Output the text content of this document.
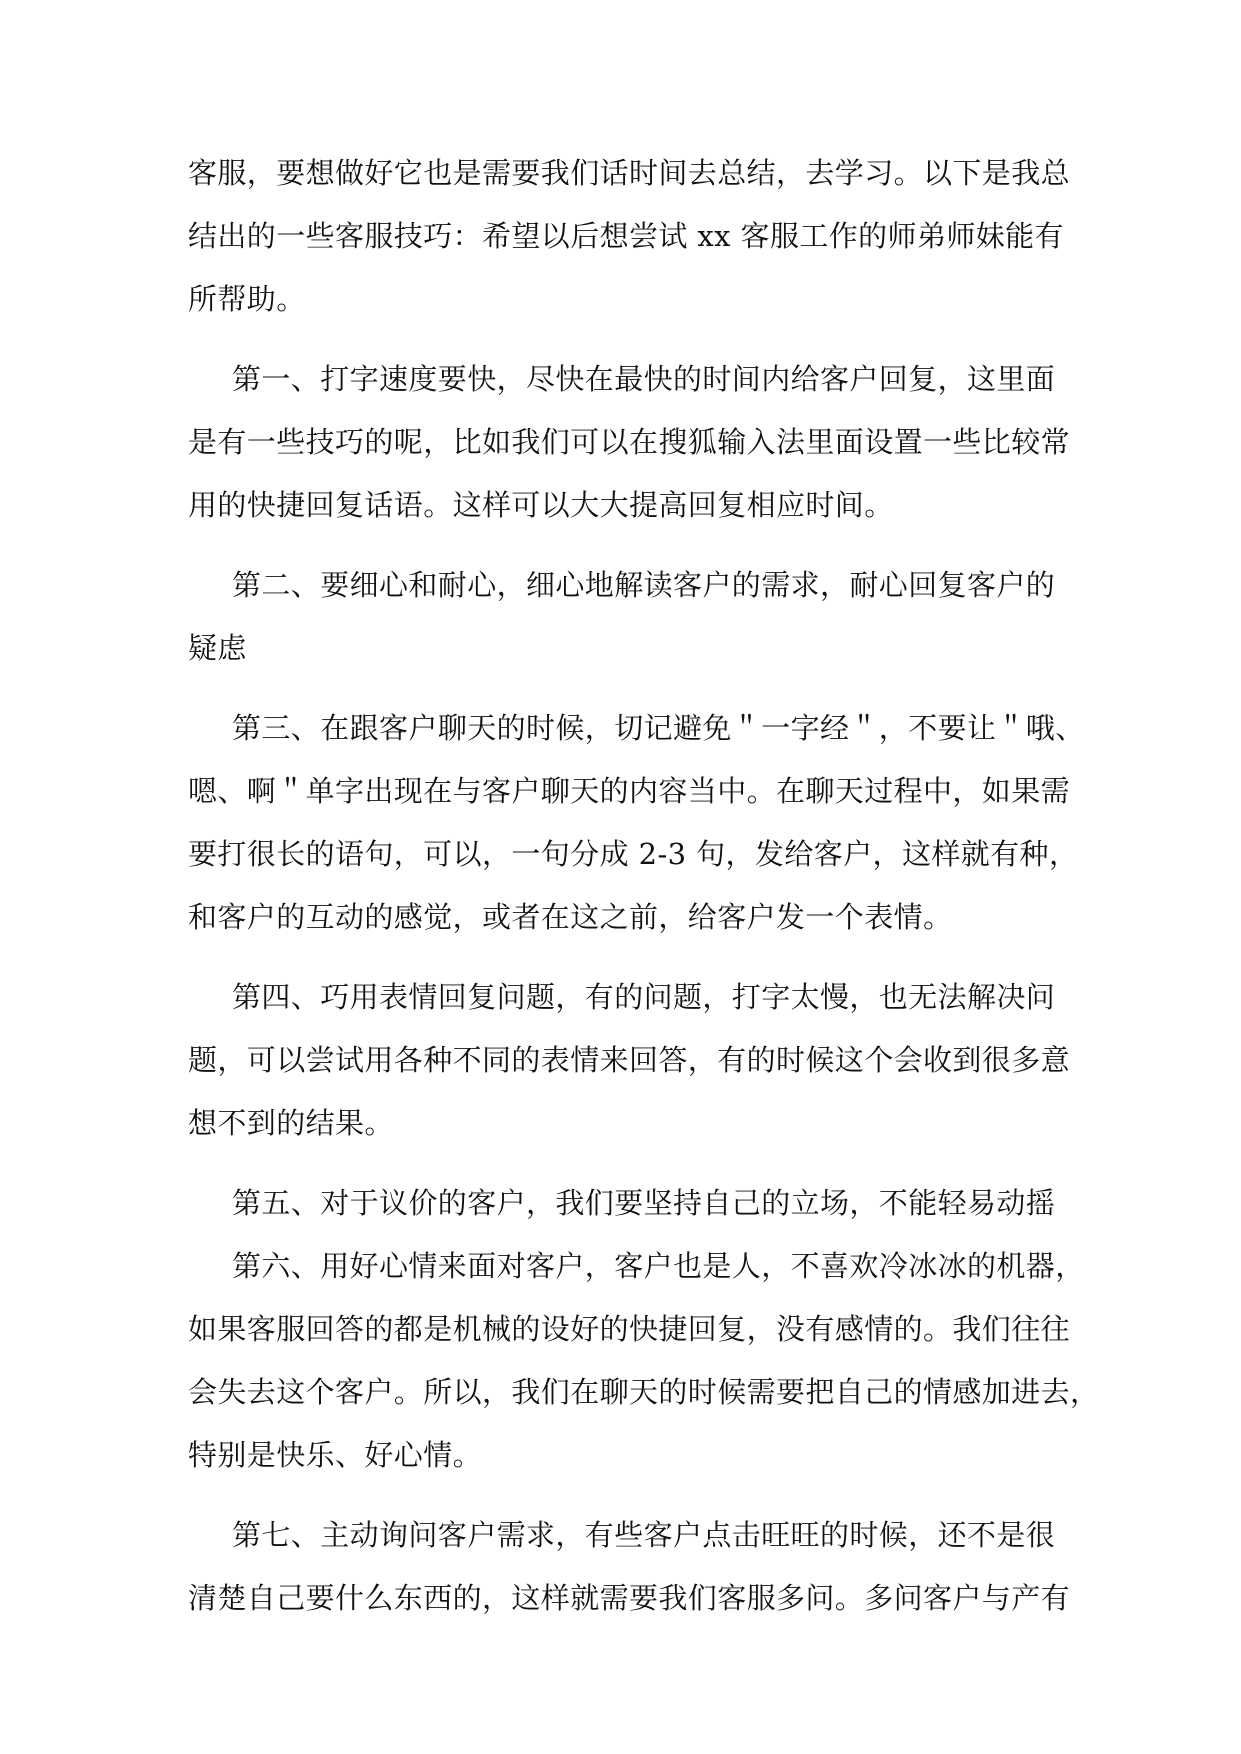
客服，要想做好它也是需要我们话时间去总结，去学习。以下是我总
结出的一些客服技巧：希望以后想尝试 xx 客服工作的师弟师妹能有
所帮助。
第一、打字速度要快，尽快在最快的时间内给客户回复，这里面
是有一些技巧的呢，比如我们可以在搜狐输入法里面设置一些比较常
用的快捷回复话语。这样可以大大提高回复相应时间。
第二、要细心和耐心，细心地解读客户的需求，耐心回复客户的
疑虑
第三、在跟客户聊天的时候，切记避免＂一字经＂，不要让＂哦、
嗯、啊＂单字出现在与客户聊天的内容当中。在聊天过程中，如果需
要打很长的语句，可以，一句分成 2-3 句，发给客户，这样就有种，
和客户的互动的感觉，或者在这之前，给客户发一个表情。
第四、巧用表情回复问题，有的问题，打字太慢，也无法解决问
题，可以尝试用各种不同的表情来回答，有的时候这个会收到很多意
想不到的结果。
第五、对于议价的客户，我们要坚持自己的立场，不能轻易动摇
第六、用好心情来面对客户，客户也是人，不喜欢冷冰冰的机器，
如果客服回答的都是机械的设好的快捷回复，没有感情的。我们往往
会失去这个客户。所以，我们在聊天的时候需要把自己的情感加进去，
特别是快乐、好心情。
第七、主动询问客户需求，有些客户点击旺旺的时候，还不是很
清楚自己要什么东西的，这样就需要我们客服多问。多问客户与产有
